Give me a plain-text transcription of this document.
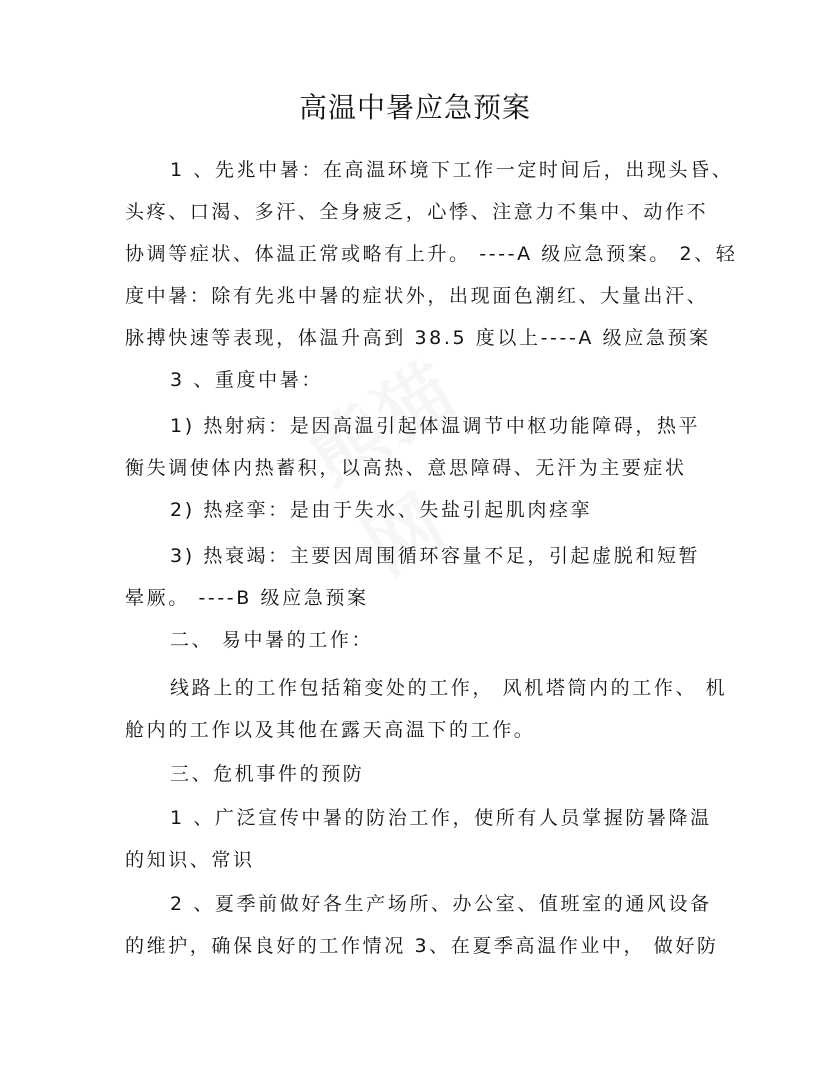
高温中暑应急预案
1 、先兆中暑：在高温环境下工作一定时间后，出现头昏、
头疼、口渴、多汗、全身疲乏，心悸、注意力不集中、动作不
协调等症状、体温正常或略有上升。 ----A 级应急预案。 2、轻
度中暑：除有先兆中暑的症状外，出现面色潮红、大量出汗、
脉搏快速等表现，体温升高到 38.5 度以上----A 级应急预案
3 、重度中暑：
1) 热射病：是因高温引起体温调节中枢功能障碍，热平
衡失调使体内热蓄积，以高热、意思障碍、无汗为主要症状
2) 热痉挛：是由于失水、失盐引起肌肉痉挛
3) 热衰竭：主要因周围循环容量不足，引起虚脱和短暂
晕厥。 ----B 级应急预案
二、 易中暑的工作：
线路上的工作包括箱变处的工作， 风机塔筒内的工作、 机
舱内的工作以及其他在露天高温下的工作。
三、危机事件的预防
1 、广泛宣传中暑的防治工作，使所有人员掌握防暑降温
的知识、常识
2 、夏季前做好各生产场所、办公室、值班室的通风设备
的维护，确保良好的工作情况 3、在夏季高温作业中， 做好防
